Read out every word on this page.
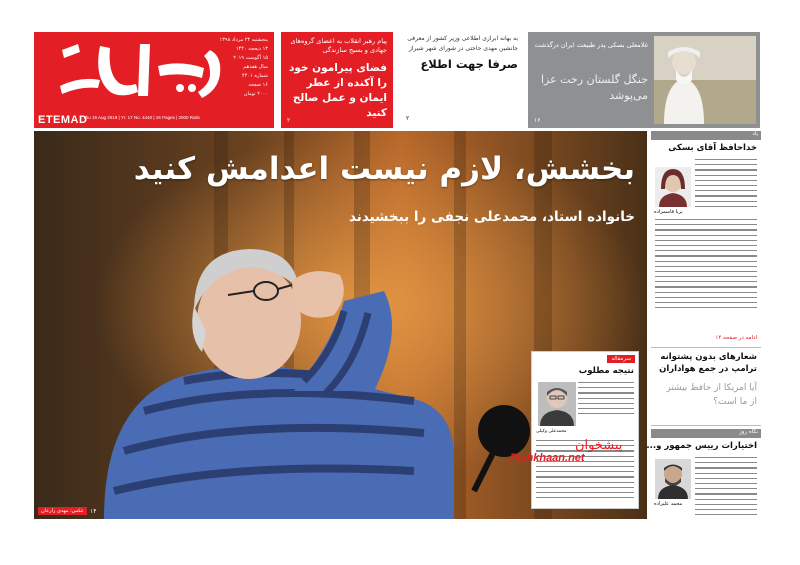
پنجشنبه ۲۴ مرداد ۱۳۹۸
۱۳ ذیحجه ۱۴۴۰
۱۵ آگوست ۲۰۱۹
سال هفدهم
شماره ۴۴۰۱
۱۶ صفحه
۲۰۰۰ تومان
ETEMAD
Thu 15 Aug 2019 | Yr. 17 No. 4440 | 16 Pages | 2000 Rials
پیام رهبر انقلاب به اعضای گروه‌های جهادی و بسیج سازندگی
فضای پیرامون خود را آکنده از عطر ایمان و عمل صالح کنید
۲
به بهانه ابرازی اطلاعی وزیر کشور از معرفی جانشین مهدی حاجتی در شورای شهر شیراز
صرفا جهت اطلاع
۲
غلامعلی بسکی پدر طبیعت ایران درگذشت
جنگل گلستان رخت عزا می‌پوشد
۱۶
بخشش، لازم نیست اعدامش کنید
خانواده استاد، محمدعلی نجفی را ببخشیدند
عکس: مهدی زارعان	۱۴
سرمقاله
نتیجه مطلوب
محمدعلی وکیلی
پیشخوان
Pishkhaan.net
یاد
خداحافظ آقای بسکی
پریا قاسمزاده
ادامه در صفحه ۱۴
شعارهای بدون پشتوانه ترامپ در جمع هواداران
آیا امریکا از حافظ بیشتر از ما است؟
نگاه روز
اختیارات رییس جمهور و...
محمد علیزاده
